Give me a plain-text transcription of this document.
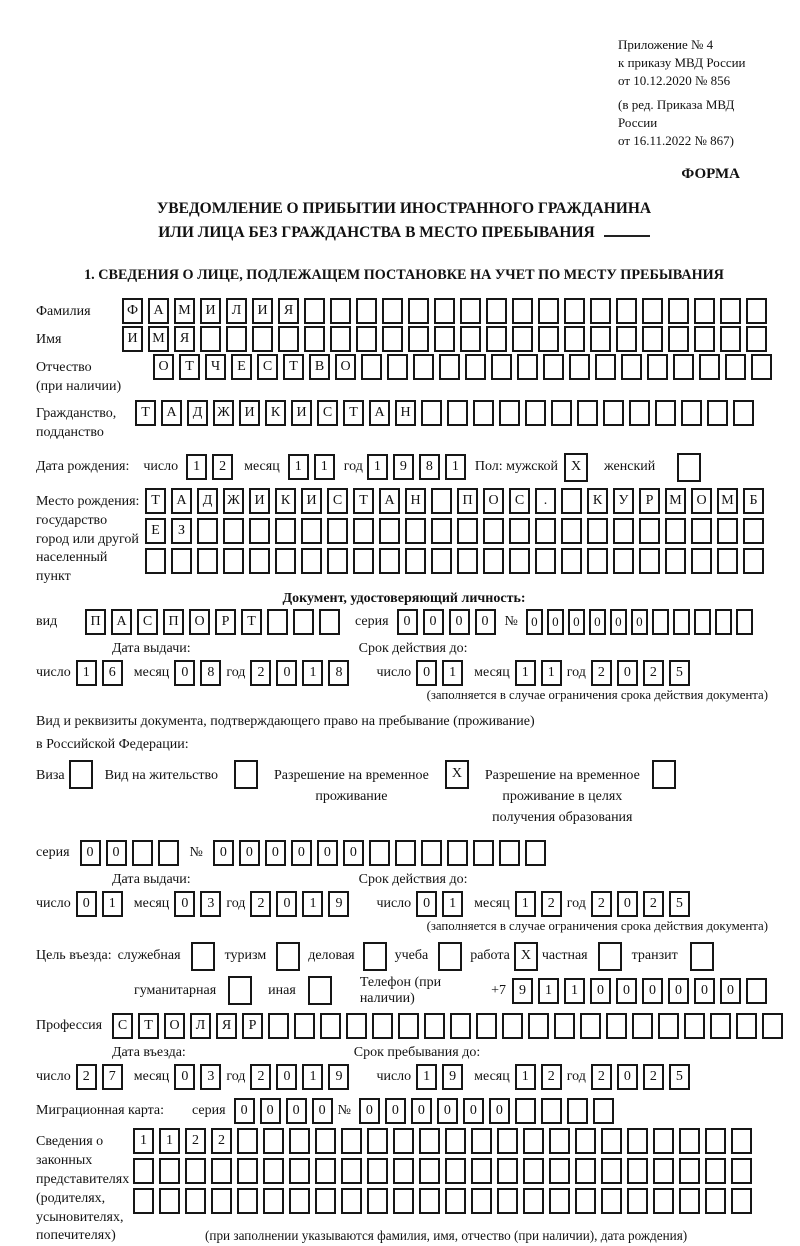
Приложение № 4
к приказу МВД России
от 10.12.2020 № 856
(в ред. Приказа МВД России
от 16.11.2022 № 867)
ФОРМА
УВЕДОМЛЕНИЕ О ПРИБЫТИИ ИНОСТРАННОГО ГРАЖДАНИНА
ИЛИ ЛИЦА БЕЗ ГРАЖДАНСТВА В МЕСТО ПРЕБЫВАНИЯ
1. СВЕДЕНИЯ О ЛИЦЕ, ПОДЛЕЖАЩЕМ ПОСТАНОВКЕ НА УЧЕТ ПО МЕСТУ ПРЕБЫВАНИЯ
Фамилия	Ф	А	М	И	Л	И	Я
Имя	И	М	Я
Отчество
(при наличии)
О	Т	Ч	Е	С	Т	В	О
Гражданство,
подданство
Т	А	Д	Ж	И	К	И	С	Т	А	Н
Дата рождения: число	1	2	месяц	1	1	год 1	9	8	1	Пол: мужской X	женский
Место рождения:
государство
город или другой
населенный пункт
Т	А	Д	Ж	И	К	И	С	Т	А	Н	П	О	С	.	К	У	Р	М	О	М	Б
Е	З
Документ, удостоверяющий личность:
вид	П	А	С	П	О	Р	Т	серия	0	0	0	0	№	0	0	0	0	0	0
Дата выдачи:	Срок действия до:
число 1	6	месяц 0	8 год 2	0	1	8	число 0	1	месяц 1	1 год 2	0	2	5
(заполняется в случае ограничения срока действия документа)
Вид и реквизиты документа, подтверждающего право на пребывание (проживание)
в Российской Федерации:
Виза	Вид на жительство	Разрешение на временное
проживание
X	Разрешение на временное
проживание в целях
получения образования
серия	0	0	№	0	0	0	0	0	0
Дата выдачи:	Срок действия до:
число 0	1	месяц 0	3 год 2	0	1	9	число 0	1	месяц 1	2 год 2	0	2	5
(заполняется в случае ограничения срока действия документа)
Цель въезда: служебная	туризм	деловая	учеба	работа X частная	транзит
гуманитарная	иная
Телефон (при наличии)
+7 9	1	1	0	0	0	0	0	0
Профессия	С	Т	О	Л	Я	Р
Дата въезда:	Срок пребывания до:
число 2	7	месяц 0	3 год 2	0	1	9	число 1	9	месяц 1	2 год 2	0	2	5
Миграционная карта: серия	0	0	0	0 №	0	0	0	0	0	0
Сведения о
законных
представителях
(родителях,
усыновителях,
попечителях)
1	1	2	2
(при заполнении указываются фамилия, имя, отчество (при наличии), дата рождения)
